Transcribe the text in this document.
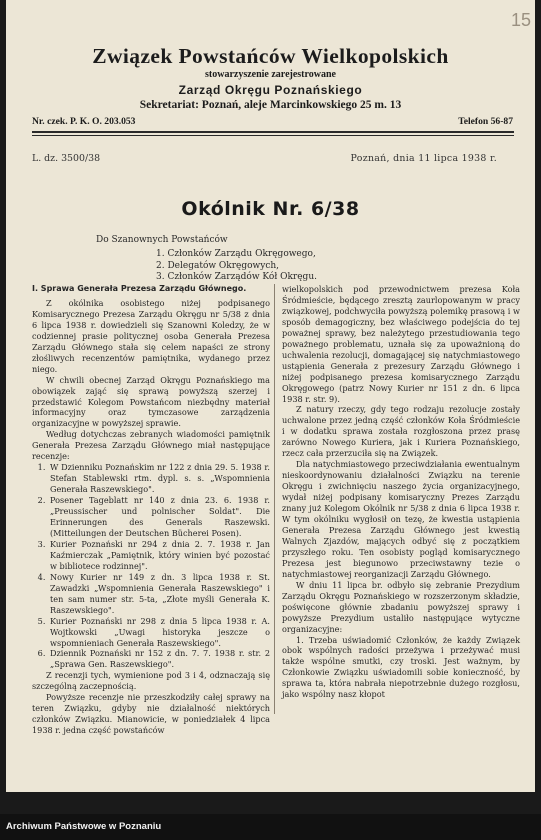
15
Związek Powstańców Wielkopolskich
stowarzyszenie zarejestrowane
Zarząd Okręgu Poznańskiego
Sekretariat: Poznań, aleje Marcinkowskiego 25 m. 13
Nr. czek. P. K. O. 203.053	Telefon 56-87
L. dz. 3500/38	Poznań, dnia 11 lipca 1938 r.
Okólnik Nr. 6/38
Do Szanownych Powstańców
1. Członków Zarządu Okręgowego,
2. Delegatów Okręgowych,
3. Członków Zarządów Kół Okręgu.

I. Sprawa Generała Prezesa Zarządu Głównego.

Z okólnika osobistego niżej podpisanego Komisarycznego Prezesa Zarządu Okręgu nr 5/38 z dnia 6 lipca 1938 r. dowiedzieli się Szanowni Koledzy, że w codziennej prasie politycznej osoba Generała Prezesa Zarządu Głównego stała się celem napaści ze strony złośliwych recenzentów pamiętnika, wydanego przez niego.

W chwili obecnej Zarząd Okręgu Poznańskiego ma obowiązek zająć się sprawą powyższą szerzej i przedstawić Kolegom Powstańcom niezbędny materiał informacyjny oraz tymczasowe zarządzenia organizacyjne w powyższej sprawie.

Według dotychczas zebranych wiadomości pamiętnik Generała Prezesa Zarządu Głównego miał następujące recenzje:

1. W Dzienniku Poznańskim nr 122 z dnia 29. 5. 1938 r. Stefan Stablewski rtm. dypl. s. s. „Wspomnienia Generała Raszewskiego".
2. Posener Tageblatt nr 140 z dnia 23. 6. 1938 r. „Preussischer und polnischer Soldat". Die Erinnerungen des Generals Raszewski. (Mitteilungen der Deutschen Bücherei Posen).
3. Kurier Poznański nr 294 z dnia 2. 7. 1938 r. Jan Kaźmierczak „Pamiętnik, który winien być pozostać w bibliotece rodzinnej".
4. Nowy Kurier nr 149 z dn. 3 lipca 1938 r. St. Zawadzki „Wspomnienia Generała Raszewskiego" i ten sam numer str. 5-ta, „Złote myśli Generała K. Raszewskiego".
5. Kurier Poznański nr 298 z dnia 5 lipca 1938 r. A. Wojtkowski „Uwagi historyka jeszcze o wspomnieniach Generała Raszewskiego".
6. Dziennik Poznański nr 152 z dn. 7. 7. 1938 r. str. 2 „Sprawa Gen. Raszewskiego".

Z recenzji tych, wymienione pod 3 i 4, odznaczają się szczególną zaczepnością.

Powyższe recenzje nie przeszkodziły całej sprawy na teren Związku, gdyby nie działalność niektórych członków Związku. Mianowicie, w poniedziałek 4 lipca 1938 r. jedna część powstańców

wielkopolskich pod przewodnictwem prezesa Koła Śródmieście, będącego zresztą zaurlopowanym w pracy związkowej, podchwyciła powyższą polemikę prasową i w sposób demagogiczny, bez właściwego podejścia do tej poważnej sprawy, bez należytego przestudiowania tego poważnego problematu, uznała się za upoważnioną do uchwalenia rezolucji, domagającej się natychmiastowego ustąpienia Generała z prezesury Zarządu Głównego i niżej podpisanego prezesa komisarycznego Zarządu Okręgowego (patrz Nowy Kurier nr 151 z dn. 6 lipca 1938 r. str. 9).

Z natury rzeczy, gdy tego rodzaju rezolucje zostały uchwalone przez jedną część członków Koła Śródmieście i w dodatku sprawa została rozgłoszona przez prasę zarówno Nowego Kuriera, jak i Kuriera Poznańskiego, rzecz cała przerzuciła się na Związek.

Dla natychmiastowego przeciwdziałania ewentualnym nieskoordynowaniu działalności Związku na terenie Okręgu i zwichnięciu naszego życia organizacyjnego, wydał niżej podpisany komisaryczny Prezes Zarządu znany już Kolegom Okólnik nr 5/38 z dnia 6 lipca 1938 r. W tym okólniku wygłosił on tezę, że kwestia ustąpienia Generała Prezesa Zarządu Głównego jest kwestią Walnych Zjazdów, mających odbyć się z początkiem przyszłego roku. Ten osobisty pogląd komisarycznego Prezesa jest biegunowo przeciwstawny tezie o natychmiastowej reorganizacji Zarządu Głównego.

W dniu 11 lipca br. odbyło się zebranie Prezydium Zarządu Okręgu Poznańskiego w rozszerzonym składzie, poświęcone głównie zbadaniu powyższej sprawy i powyższe Prezydium ustaliło następujące wytyczne organizacyjne:

1. Trzeba uświadomić Członków, że każdy Związek obok wspólnych radości przeżywa i przeżywać musi także wspólne smutki, czy troski. Jest ważnym, by Członkowie Związku uświadomili sobie konieczność, by sprawa ta, która nabrała niepotrzebnie dużego rozgłosu, jako wspólny nasz kłopot

Archiwum Państwowe w Poznaniu
